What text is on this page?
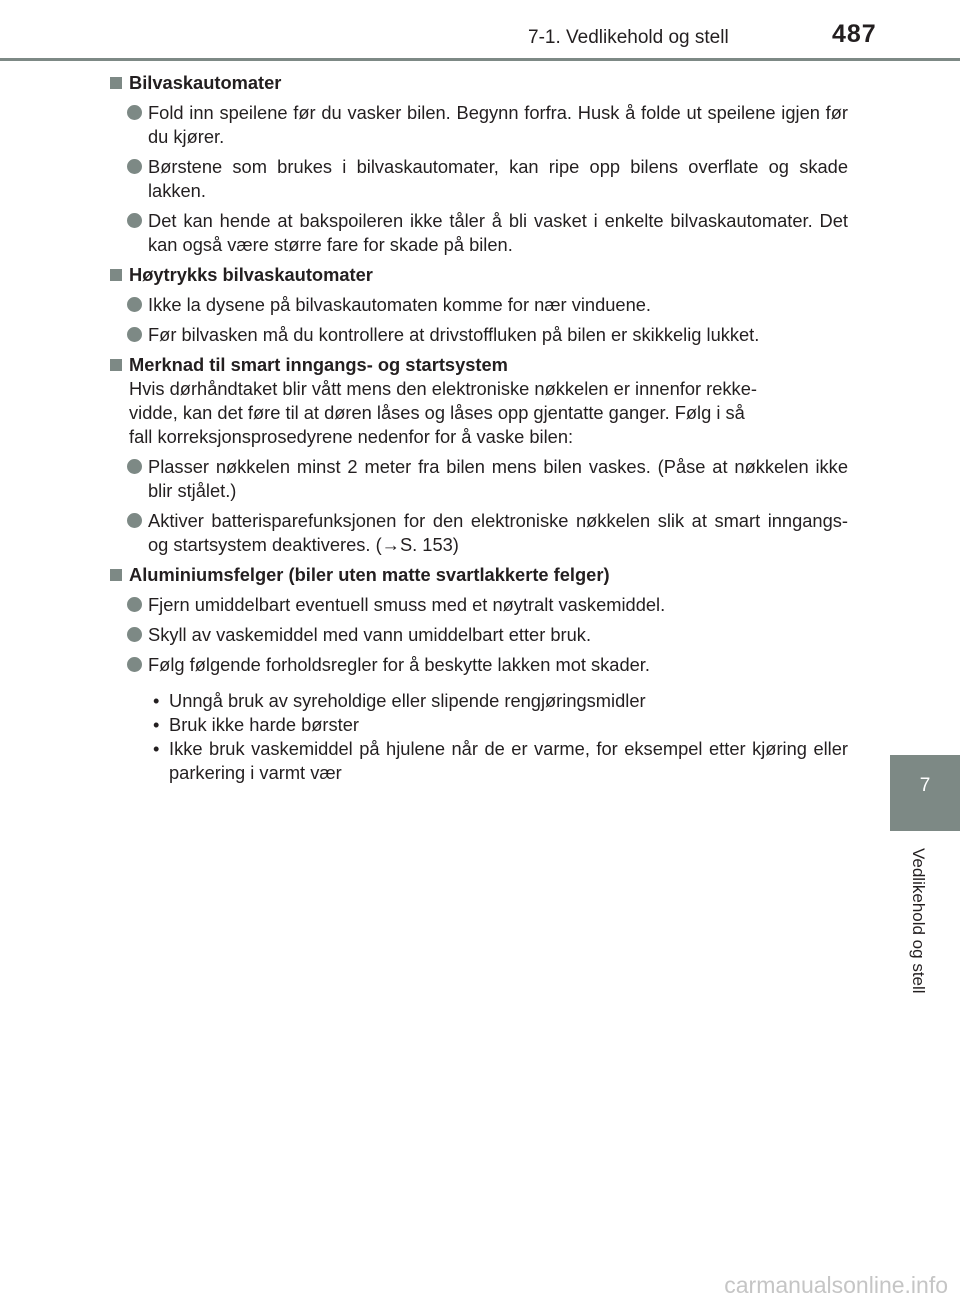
7-1. Vedlikehold og stell	487
7
Vedlikehold og stell
Bilvaskautomater
Fold inn speilene før du vasker bilen. Begynn forfra. Husk å folde ut speilene igjen før du kjører.
Børstene som brukes i bilvaskautomater, kan ripe opp bilens overflate og skade lakken.
Det kan hende at bakspoileren ikke tåler å bli vasket i enkelte bilvaskautomater. Det kan også være større fare for skade på bilen.
Høytrykks bilvaskautomater
Ikke la dysene på bilvaskautomaten komme for nær vinduene.
Før bilvasken må du kontrollere at drivstoffluken på bilen er skikkelig lukket.
Merknad til smart inngangs- og startsystem
Hvis dørhåndtaket blir vått mens den elektroniske nøkkelen er innenfor rekke-
vidde, kan det føre til at døren låses og låses opp gjentatte ganger. Følg i så
fall korreksjonsprosedyrene nedenfor for å vaske bilen:
Plasser nøkkelen minst 2 meter fra bilen mens bilen vaskes. (Påse at nøkkelen ikke blir stjålet.)
Aktiver batterisparefunksjonen for den elektroniske nøkkelen slik at smart inngangs- og startsystem deaktiveres. (→S. 153)
Aluminiumsfelger (biler uten matte svartlakkerte felger)
Fjern umiddelbart eventuell smuss med et nøytralt vaskemiddel.
Skyll av vaskemiddel med vann umiddelbart etter bruk.
Følg følgende forholdsregler for å beskytte lakken mot skader.
• Unngå bruk av syreholdige eller slipende rengjøringsmidler
• Bruk ikke harde børster
• Ikke bruk vaskemiddel på hjulene når de er varme, for eksempel etter kjøring eller parkering i varmt vær
carmanualsonline.info
